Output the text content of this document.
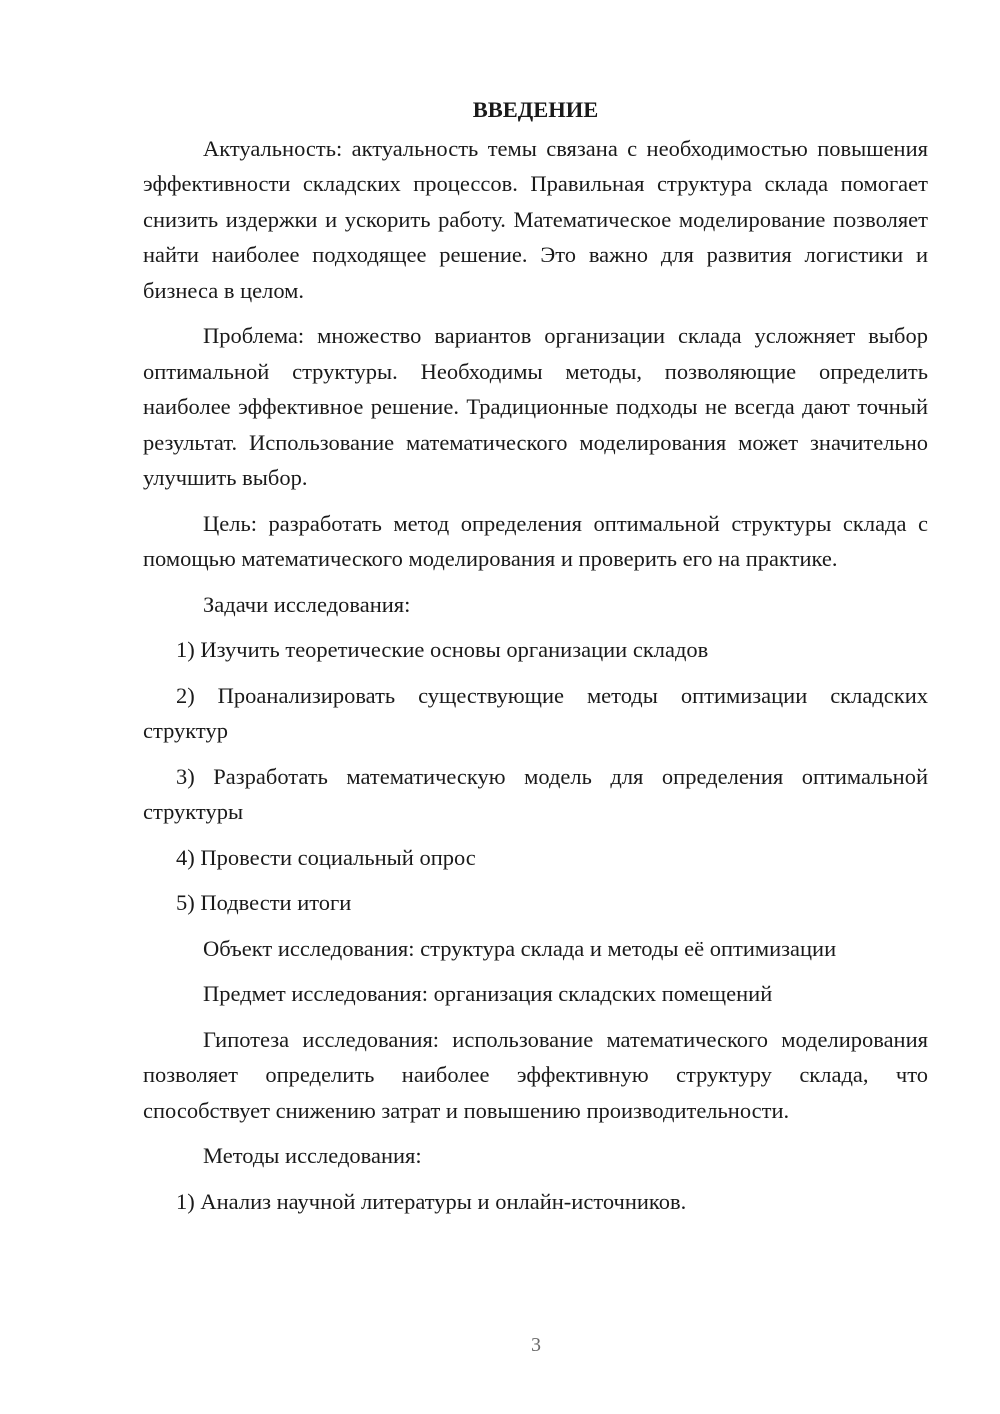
ВВЕДЕНИЕ

Актуальность: актуальность темы связана с необходимостью повышения эффективности складских процессов. Правильная структура склада помогает снизить издержки и ускорить работу. Математическое моделирование позволяет найти наиболее подходящее решение. Это важно для развития логистики и бизнеса в целом.

Проблема: множество вариантов организации склада усложняет выбор оптимальной структуры. Необходимы методы, позволяющие определить наиболее эффективное решение. Традиционные подходы не всегда дают точный результат. Использование математического моделирования может значительно улучшить выбор.

Цель: разработать метод определения оптимальной структуры склада с помощью математического моделирования и проверить его на практике.

Задачи исследования:

1) Изучить теоретические основы организации складов

2) Проанализировать существующие методы оптимизации складских структур

3) Разработать математическую модель для определения оптимальной структуры

4) Провести социальный опрос

5) Подвести итоги

Объект исследования: структура склада и методы её оптимизации

Предмет исследования: организация складских помещений

Гипотеза исследования: использование математического моделирования позволяет определить наиболее эффективную структуру склада, что способствует снижению затрат и повышению производительности.

Методы исследования:

1) Анализ научной литературы и онлайн-источников.

3
